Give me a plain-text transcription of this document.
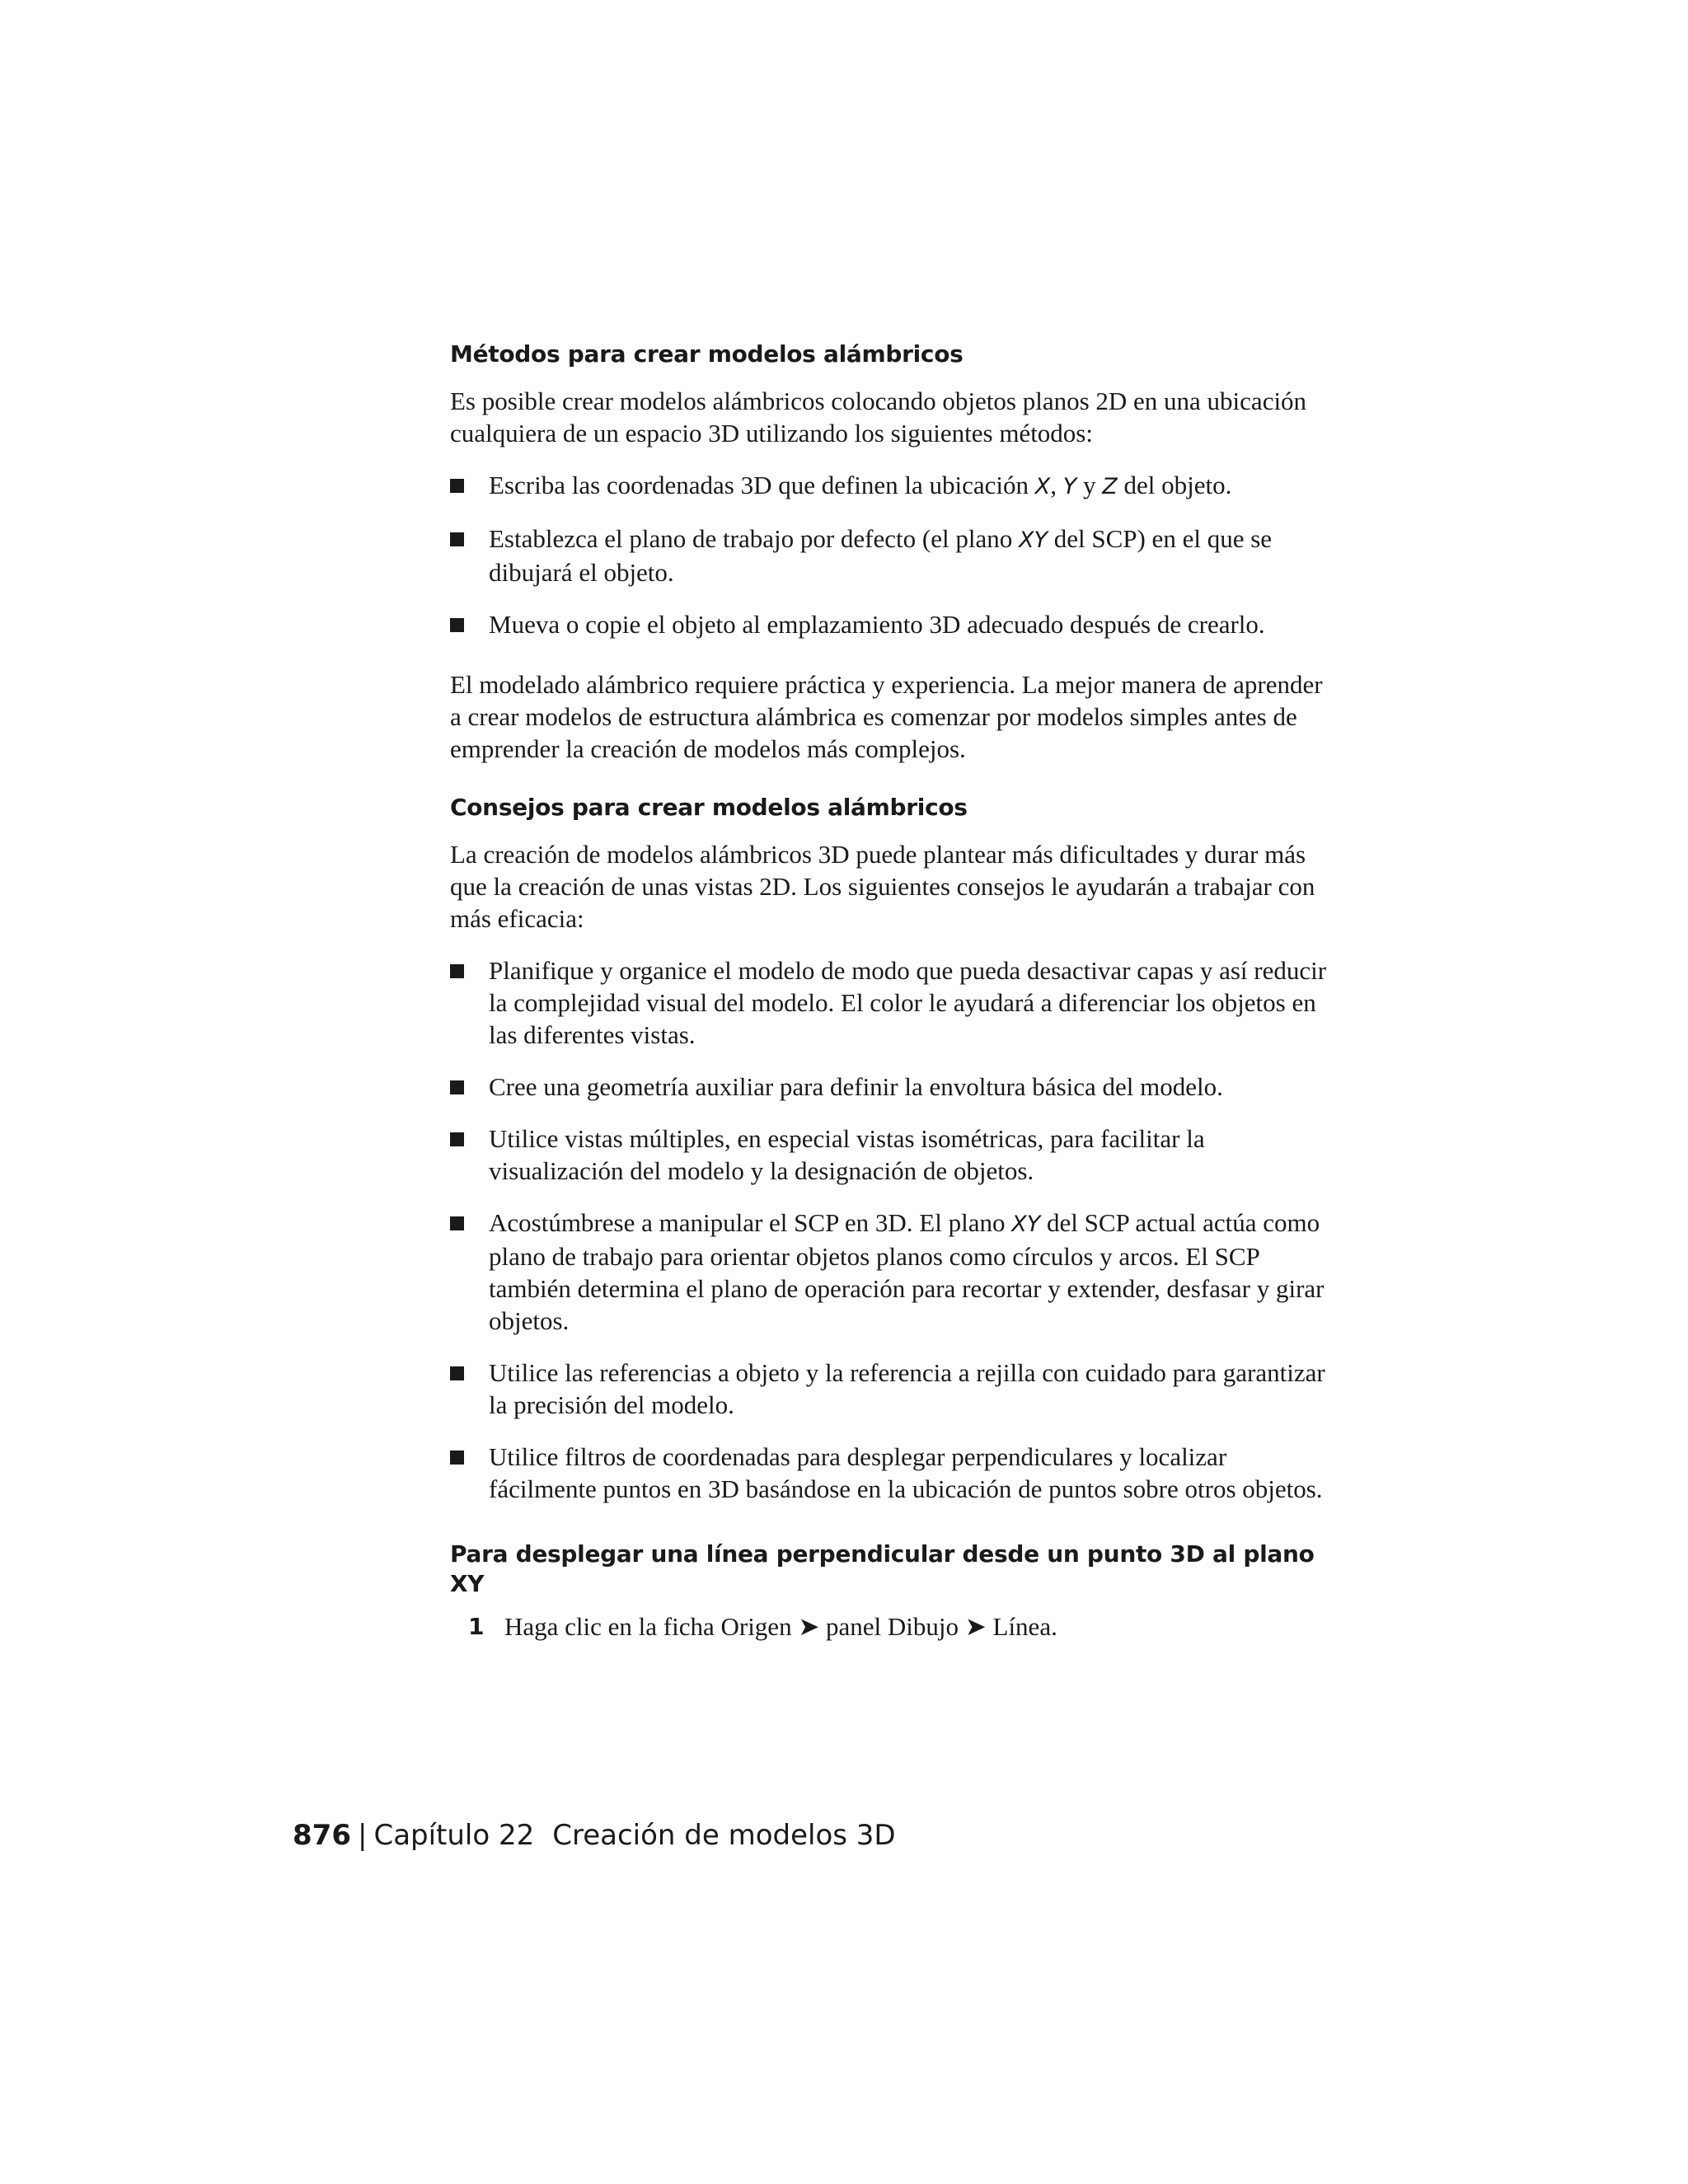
Métodos para crear modelos alámbricos

Es posible crear modelos alámbricos colocando objetos planos 2D en una ubicación cualquiera de un espacio 3D utilizando los siguientes métodos:

Escriba las coordenadas 3D que definen la ubicación X, Y y Z del objeto.
Establezca el plano de trabajo por defecto (el plano XY del SCP) en el que se dibujará el objeto.
Mueva o copie el objeto al emplazamiento 3D adecuado después de crearlo.

El modelado alámbrico requiere práctica y experiencia. La mejor manera de aprender a crear modelos de estructura alámbrica es comenzar por modelos simples antes de emprender la creación de modelos más complejos.

Consejos para crear modelos alámbricos

La creación de modelos alámbricos 3D puede plantear más dificultades y durar más que la creación de unas vistas 2D. Los siguientes consejos le ayudarán a trabajar con más eficacia:

Planifique y organice el modelo de modo que pueda desactivar capas y así reducir la complejidad visual del modelo. El color le ayudará a diferenciar los objetos en las diferentes vistas.
Cree una geometría auxiliar para definir la envoltura básica del modelo.
Utilice vistas múltiples, en especial vistas isométricas, para facilitar la visualización del modelo y la designación de objetos.
Acostúmbrese a manipular el SCP en 3D. El plano XY del SCP actual actúa como plano de trabajo para orientar objetos planos como círculos y arcos. El SCP también determina el plano de operación para recortar y extender, desfasar y girar objetos.
Utilice las referencias a objeto y la referencia a rejilla con cuidado para garantizar la precisión del modelo.
Utilice filtros de coordenadas para desplegar perpendiculares y localizar fácilmente puntos en 3D basándose en la ubicación de puntos sobre otros objetos.
Para desplegar una línea perpendicular desde un punto 3D al plano XY
1 Haga clic en la ficha Origen ➤ panel Dibujo ➤ Línea.
876 | Capítulo 22 Creación de modelos 3D
